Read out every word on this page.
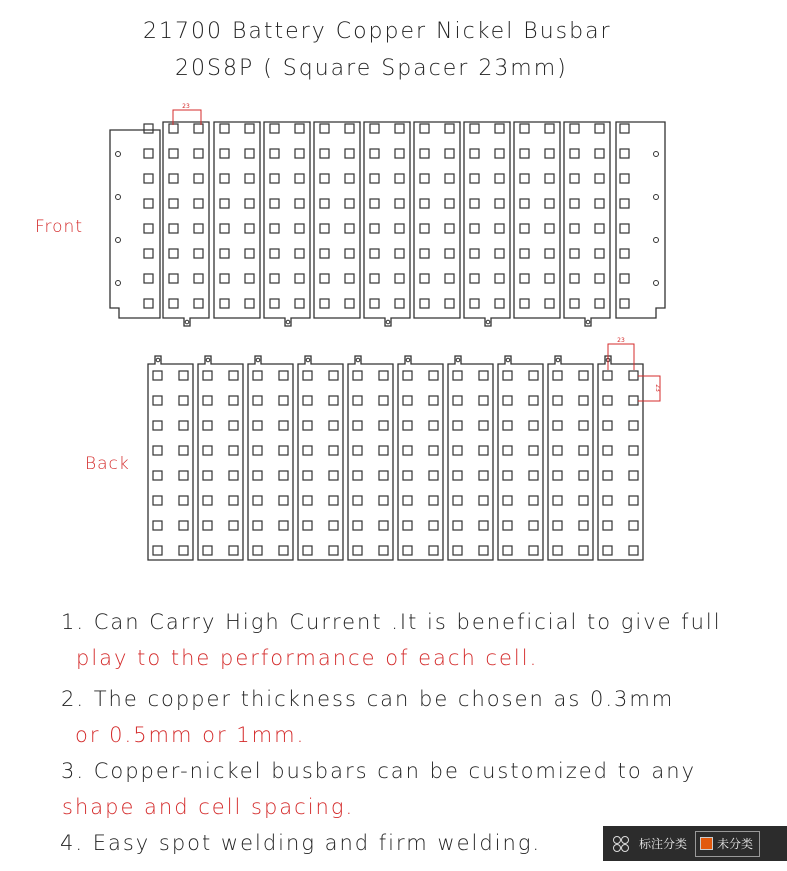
23
23
23
21700 Battery Copper Nickel Busbar
20S8P ( Square Spacer 23mm)
Front
Back
1. Can Carry High Current .It is beneficial to give full
play to the performance of each cell.
2. The copper thickness can be chosen as 0.3mm
or 0.5mm or 1mm.
3. Copper-nickel busbars can be customized to any
shape and cell spacing.
4. Easy spot welding and firm welding.	标注分类	未分类
